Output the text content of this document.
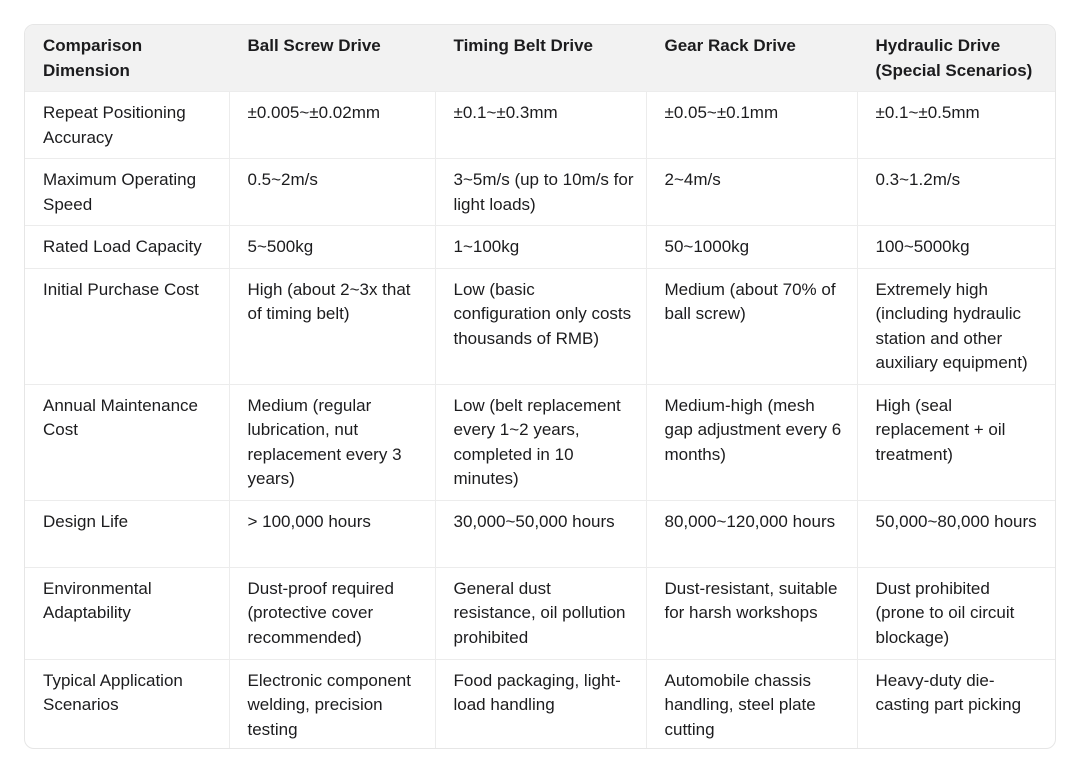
Comparison Dimension	Ball Screw Drive	Timing Belt Drive	Gear Rack Drive	Hydraulic Drive (Special Scenarios)
Repeat Positioning Accuracy	±0.005~±0.02mm	±0.1~±0.3mm	±0.05~±0.1mm	±0.1~±0.5mm
Maximum Operating Speed	0.5~2m/s	3~5m/s (up to 10m/s for light loads)	2~4m/s	0.3~1.2m/s
Rated Load Capacity	5~500kg	1~100kg	50~1000kg	100~5000kg
Initial Purchase Cost	High (about 2~3x that of timing belt)	Low (basic configuration only costs thousands of RMB)	Medium (about 70% of ball screw)	Extremely high (including hydraulic station and other auxiliary equipment)
Annual Maintenance Cost	Medium (regular lubrication, nut replacement every 3 years)	Low (belt replacement every 1~2 years, completed in 10 minutes)	Medium-high (mesh gap adjustment every 6 months)	High (seal replacement + oil treatment)
Design Life	> 100,000 hours	30,000~50,000 hours	80,000~120,000 hours	50,000~80,000 hours
Environmental Adaptability	Dust-proof required (protective cover recommended)	General dust resistance, oil pollution prohibited	Dust-resistant, suitable for harsh workshops	Dust prohibited (prone to oil circuit blockage)
Typical Application Scenarios	Electronic component welding, precision testing	Food packaging, light-load handling	Automobile chassis handling, steel plate cutting	Heavy-duty die-casting part picking
